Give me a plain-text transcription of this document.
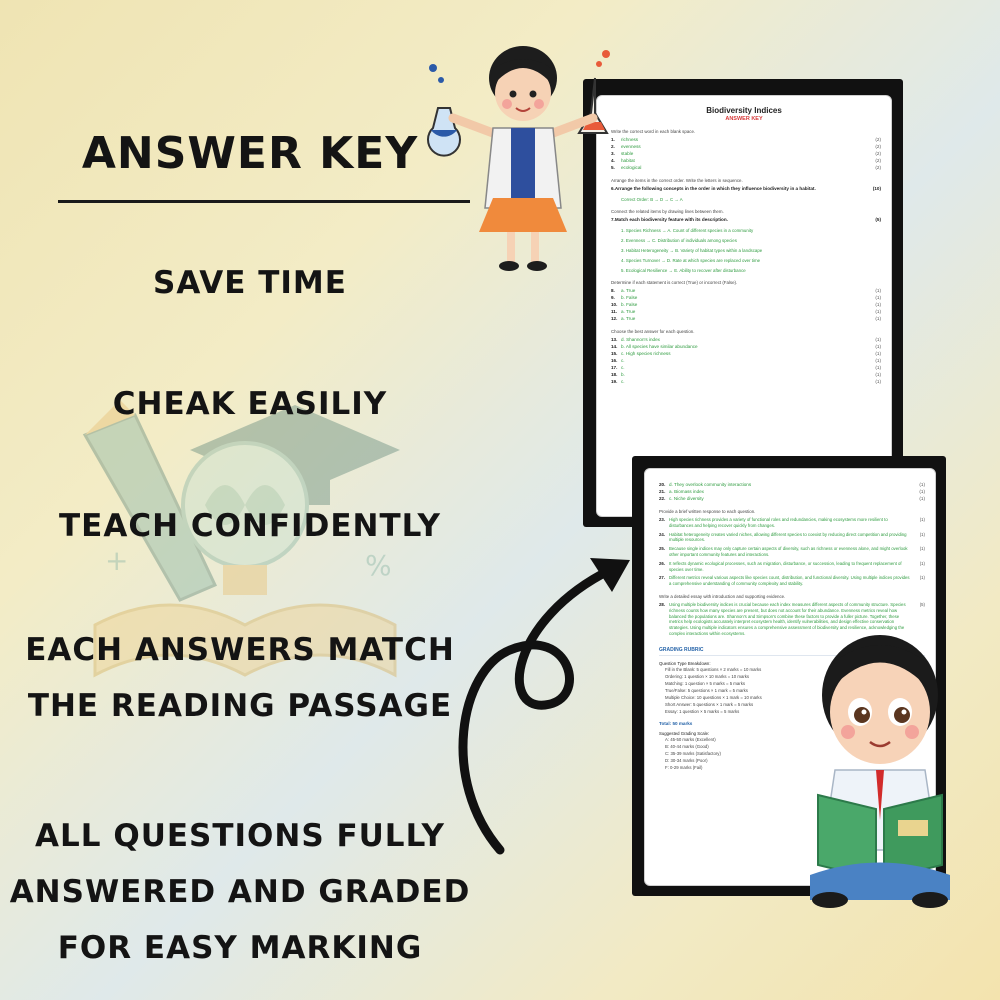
+	%
ANSWER KEY
SAVE TIME
CHEAK EASILIY
TEACH CONFIDENTLY
EACH ANSWERS MATCH THE READING PASSAGE
ALL QUESTIONS FULLY ANSWERED AND GRADED FOR EASY MARKING
Biodiversity Indices
ANSWER KEY
Write the correct word in each blank space.
1.	richness	(2)
2.	evenness	(2)
3.	stable	(2)
4.	habitat	(2)
5.	ecological	(2)
Arrange the items in the correct order. Write the letters in sequence.
6. Arrange the following concepts in the order in which they influence biodiversity in a habitat.	(10)
Correct Order: B → D → C → A
Connect the related items by drawing lines between them.
7. Match each biodiversity feature with its description.	(5)
1. Species Richness → A. Count of different species in a community
2. Evenness → C. Distribution of individuals among species
3. Habitat Heterogeneity → B. Variety of habitat types within a landscape
4. Species Turnover → D. Rate at which species are replaced over time
5. Ecological Resilience → E. Ability to recover after disturbance
Determine if each statement is correct (True) or incorrect (False).
8.	a. True	(1)
9.	b. False	(1)
10. b. False	(1)
11. a. True	(1)
12. a. True	(1)
Choose the best answer for each question.
13. d. Shannon's index	(1)
14. b. All species have similar abundance	(1)
15. c. High species richness	(1)
16. c.	(1)
17. c.	(1)
18. b.	(1)
19. c.	(1)
20. d. They overlook community interactions	(1)
21. a. Biomass index	(1)
22. c. Niche diversity	(1)
Provide a brief written response to each question.
23. High species richness provides a variety of functional roles and redundancies, making ecosystems more resilient to disturbances and helping recover quickly from changes.
(1)
24. Habitat heterogeneity creates varied niches, allowing different species to coexist by reducing direct competition and providing multiple resources.
(1)
25. Because single indices may only capture certain aspects of diversity, such as richness or evenness alone, and might overlook other important community features and interactions.
(1)
26. It reflects dynamic ecological processes, such as migration, disturbance, or succession, leading to frequent replacement of species over time.
(1)
27. Different metrics reveal various aspects like species count, distribution, and functional diversity. Using multiple indices provides a comprehensive understanding of community complexity and stability.
(1)
Write a detailed essay with introduction and supporting evidence.
28. Using multiple biodiversity indices is crucial because each index measures different aspects of community structure. Species richness counts how many species are present, but does not account for their abundance. Evenness metrics reveal how balanced the populations are. Shannon's and Simpson's combine these factors to provide a fuller picture. Together, these metrics help ecologists accurately interpret ecosystem health, identify vulnerabilities, and design effective conservation strategies. Using multiple indicators ensures a comprehensive assessment of biodiversity and resilience, acknowledging the complex interactions within ecosystems.
(5)
GRADING RUBRIC
Question Type Breakdown:
Fill in the Blank: 5 questions × 2 marks = 10 marks
Ordering: 1 question × 10 marks = 10 marks
Matching: 1 question × 5 marks = 5 marks
True/False: 5 questions × 1 mark = 5 marks
Multiple Choice: 10 questions × 1 mark = 10 marks
Short Answer: 5 questions × 1 mark = 5 marks
Essay: 1 question × 5 marks = 5 marks
Total: 50 marks
Suggested Grading Scale:
A: 45-50 marks (Excellent)
B: 40-44 marks (Good)
C: 35-39 marks (Satisfactory)
D: 30-34 marks (Poor)
F: 0-29 marks (Fail)
